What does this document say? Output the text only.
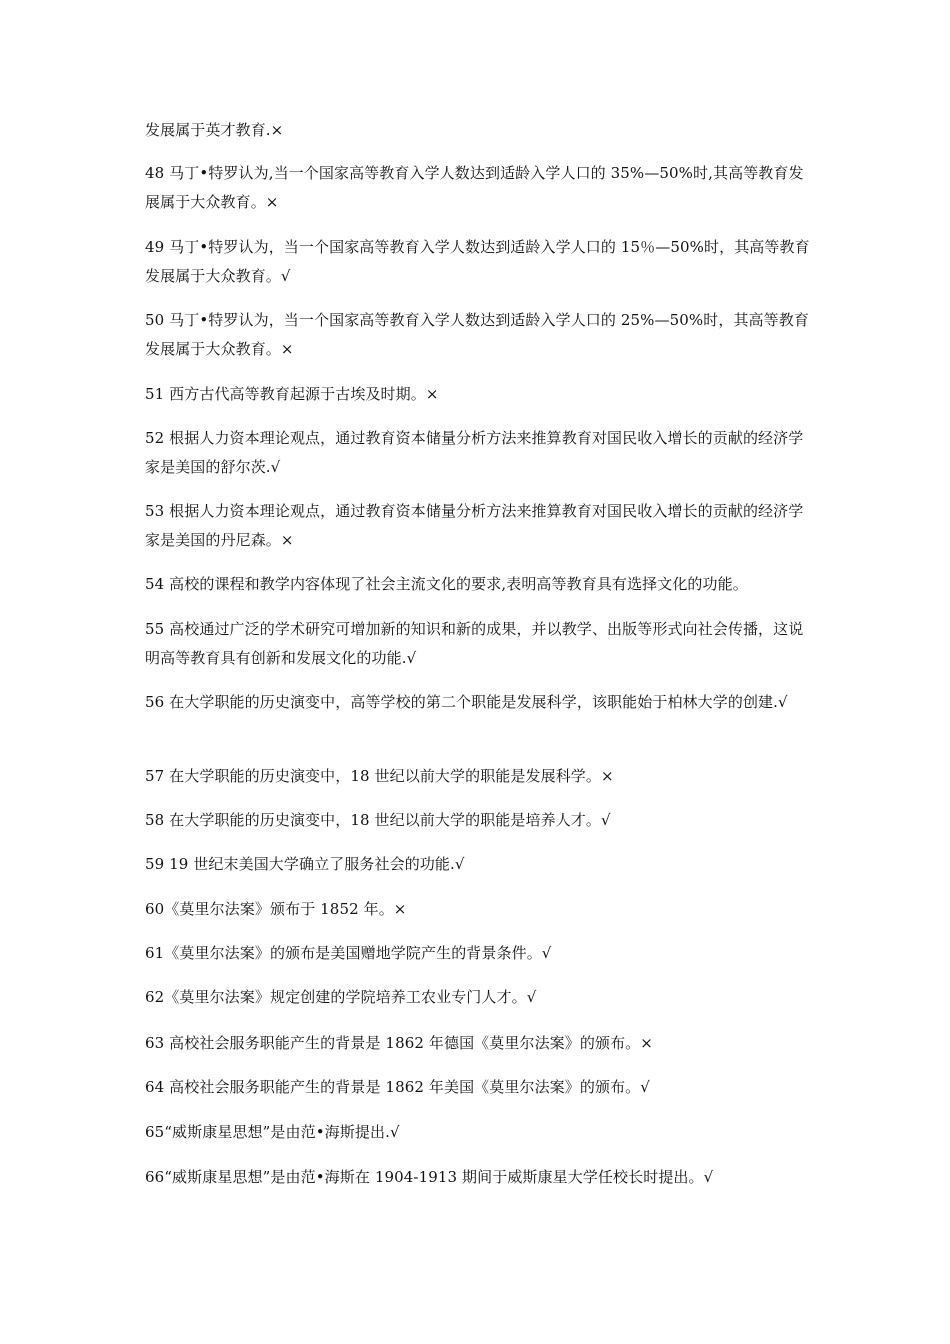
发展属于英才教育.×

48 马丁•特罗认为,当一个国家高等教育入学人数达到适龄入学人口的 35%—50%时,其高等教育发展属于大众教育。×

49 马丁•特罗认为，当一个国家高等教育入学人数达到适龄入学人口的 15％—50%时，其高等教育发展属于大众教育。√

50 马丁•特罗认为，当一个国家高等教育入学人数达到适龄入学人口的 25%—50%时，其高等教育发展属于大众教育。×

51 西方古代高等教育起源于古埃及时期。×

52 根据人力资本理论观点，通过教育资本储量分析方法来推算教育对国民收入增长的贡献的经济学家是美国的舒尔茨.√

53 根据人力资本理论观点，通过教育资本储量分析方法来推算教育对国民收入增长的贡献的经济学家是美国的丹尼森。×

54 高校的课程和教学内容体现了社会主流文化的要求,表明高等教育具有选择文化的功能。

55 高校通过广泛的学术研究可增加新的知识和新的成果，并以教学、出版等形式向社会传播，这说明高等教育具有创新和发展文化的功能.√

56 在大学职能的历史演变中，高等学校的第二个职能是发展科学，该职能始于柏林大学的创建.√

57 在大学职能的历史演变中，18 世纪以前大学的职能是发展科学。×

58 在大学职能的历史演变中，18 世纪以前大学的职能是培养人才。√

59 19 世纪末美国大学确立了服务社会的功能.√

60《莫里尔法案》颁布于 1852 年。×

61《莫里尔法案》的颁布是美国赠地学院产生的背景条件。√

62《莫里尔法案》规定创建的学院培养工农业专门人才。√

63 高校社会服务职能产生的背景是 1862 年德国《莫里尔法案》的颁布。×

64 高校社会服务职能产生的背景是 1862 年美国《莫里尔法案》的颁布。√

65“威斯康星思想”是由范•海斯提出.√

66“威斯康星思想”是由范•海斯在 1904-1913 期间于威斯康星大学任校长时提出。√
